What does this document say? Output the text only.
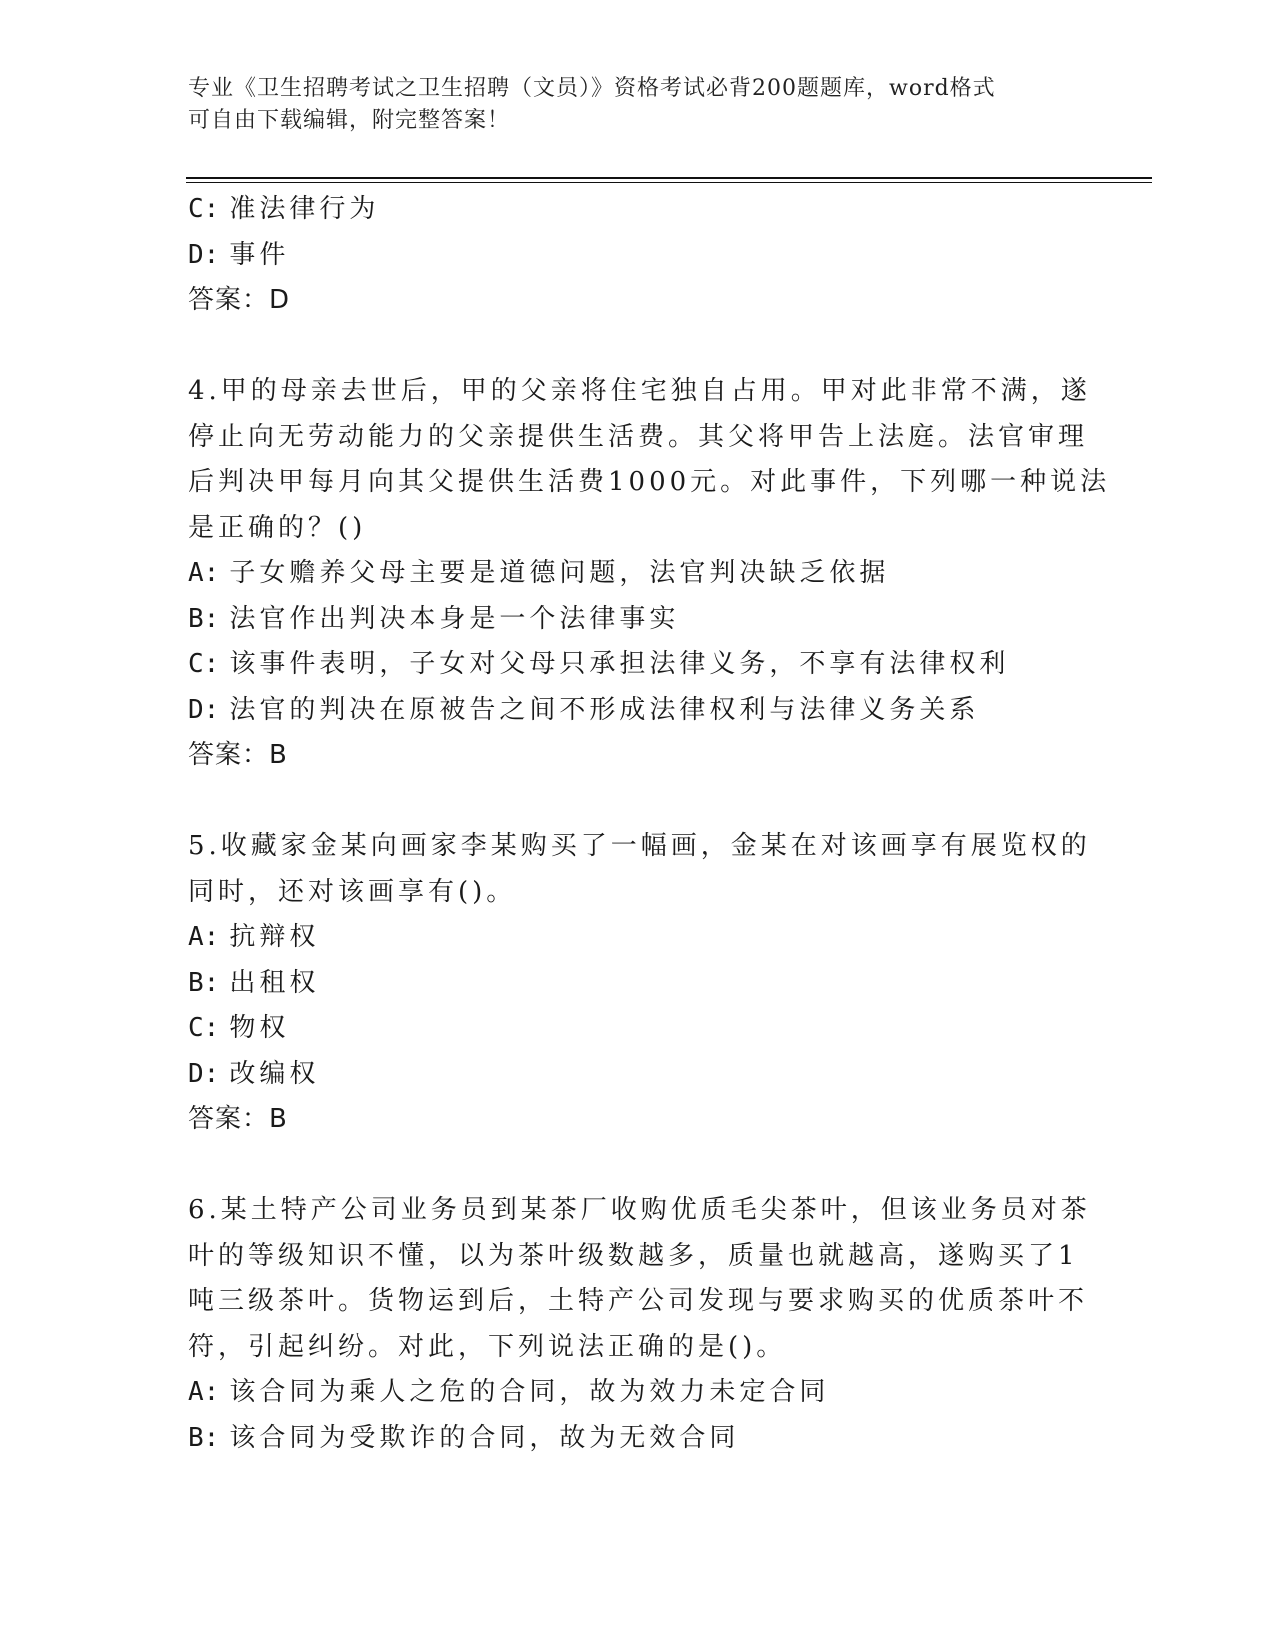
专业《卫生招聘考试之卫生招聘（文员）》资格考试必背200题题库，word格式
可自由下载编辑，附完整答案！
C: 准法律行为
D: 事件
答案：D
4.甲的母亲去世后，甲的父亲将住宅独自占用。甲对此非常不满，遂
停止向无劳动能力的父亲提供生活费。其父将甲告上法庭。法官审理
后判决甲每月向其父提供生活费1000元。对此事件，下列哪一种说法
是正确的？()
A: 子女赡养父母主要是道德问题，法官判决缺乏依据
B: 法官作出判决本身是一个法律事实
C: 该事件表明，子女对父母只承担法律义务，不享有法律权利
D: 法官的判决在原被告之间不形成法律权利与法律义务关系
答案：B
5.收藏家金某向画家李某购买了一幅画，金某在对该画享有展览权的
同时，还对该画享有()。
A: 抗辩权
B: 出租权
C: 物权
D: 改编权
答案：B
6.某土特产公司业务员到某茶厂收购优质毛尖茶叶，但该业务员对茶
叶的等级知识不懂，以为茶叶级数越多，质量也就越高，遂购买了1
吨三级茶叶。货物运到后，土特产公司发现与要求购买的优质茶叶不
符，引起纠纷。对此，下列说法正确的是()。
A: 该合同为乘人之危的合同，故为效力未定合同
B: 该合同为受欺诈的合同，故为无效合同
